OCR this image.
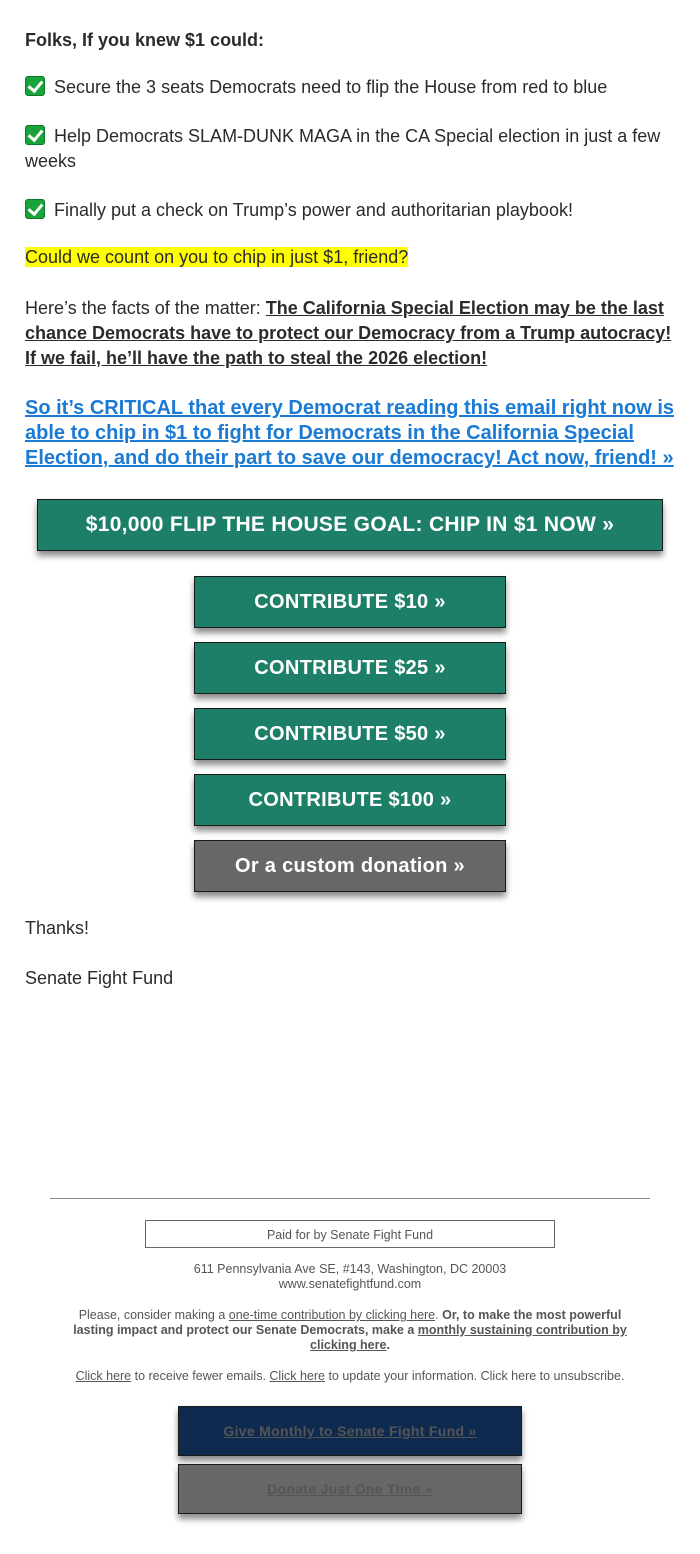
Folks, If you knew $1 could:

Secure the 3 seats Democrats need to flip the House from red to blue

Help Democrats SLAM-DUNK MAGA in the CA Special election in just a few weeks

Finally put a check on Trump’s power and authoritarian playbook!

Could we count on you to chip in just $1, friend?

Here’s the facts of the matter: The California Special Election may be the last chance Democrats have to protect our Democracy from a Trump autocracy! If we fail, he’ll have the path to steal the 2026 election!

So it’s CRITICAL that every Democrat reading this email right now is able to chip in $1 to fight for Democrats in the California Special Election, and do their part to save our democracy! Act now, friend! »

$10,000 FLIP THE HOUSE GOAL: CHIP IN $1 NOW »
CONTRIBUTE $10 »
CONTRIBUTE $25 »
CONTRIBUTE $50 »
CONTRIBUTE $100 »
Or a custom donation »

Thanks!

Senate Fight Fund

Paid for by Senate Fight Fund
611 Pennsylvania Ave SE, #143, Washington, DC 20003
www.senatefightfund.com
Please, consider making a one-time contribution by clicking here. Or, to make the most powerful lasting impact and protect our Senate Democrats, make a monthly sustaining contribution by clicking here.
Click here to receive fewer emails. Click here to update your information. Click here to unsubscribe.
Give Monthly to Senate Fight Fund »
Donate Just One Time »
